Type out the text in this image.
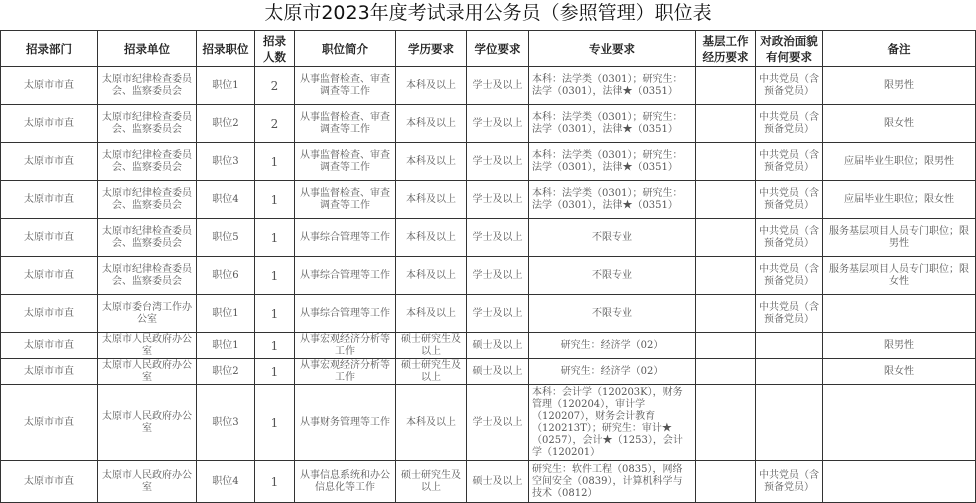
太原市2023年度考试录用公务员（参照管理）职位表
招录部门	招录单位	招录职位	招录人数	职位简介	学历要求	学位要求	专业要求	基层工作经历要求	对政治面貌有何要求	备注
太原市市直	太原市纪律检查委员会、监察委员会	职位1	2	从事监督检查、审查调查等工作	本科及以上	学士及以上	本科：法学类（0301）；研究生：法学（0301），法律★（0351）		中共党员（含预备党员）	限男性
太原市市直	太原市纪律检查委员会、监察委员会	职位2	2	从事监督检查、审查调查等工作	本科及以上	学士及以上	本科：法学类（0301）；研究生：法学（0301），法律★（0351）		中共党员（含预备党员）	限女性
太原市市直	太原市纪律检查委员会、监察委员会	职位3	1	从事监督检查、审查调查等工作	本科及以上	学士及以上	本科：法学类（0301）；研究生：法学（0301），法律★（0351）		中共党员（含预备党员）	应届毕业生职位；限男性
太原市市直	太原市纪律检查委员会、监察委员会	职位4	1	从事监督检查、审查调查等工作	本科及以上	学士及以上	本科：法学类（0301）；研究生：法学（0301），法律★（0351）		中共党员（含预备党员）	应届毕业生职位；限女性
太原市市直	太原市纪律检查委员会、监察委员会	职位5	1	从事综合管理等工作	本科及以上	学士及以上	不限专业		中共党员（含预备党员）	服务基层项目人员专门职位；限男性
太原市市直	太原市纪律检查委员会、监察委员会	职位6	1	从事综合管理等工作	本科及以上	学士及以上	不限专业		中共党员（含预备党员）	服务基层项目人员专门职位；限女性
太原市市直	太原市委台湾工作办公室	职位1	1	从事综合管理等工作	本科及以上	学士及以上	不限专业		中共党员（含预备党员）	
太原市市直	太原市人民政府办公室	职位1	1	从事宏观经济分析等工作	硕士研究生及以上	硕士及以上	研究生：经济学（02）			限男性
太原市市直	太原市人民政府办公室	职位2	1	从事宏观经济分析等工作	硕士研究生及以上	硕士及以上	研究生：经济学（02）			限女性
太原市市直	太原市人民政府办公室	职位3	1	从事财务管理等工作	本科及以上	学士及以上	本科：会计学（120203K），财务管理（120204），审计学（120207），财务会计教育（120213T）；研究生：审计★（0257），会计★（1253），会计学（120201）			
太原市市直	太原市人民政府办公室	职位4	1	从事信息系统和办公信息化等工作	硕士研究生及以上	硕士及以上	研究生：软件工程（0835），网络空间安全（0839），计算机科学与技术（0812）		中共党员（含预备党员）	
